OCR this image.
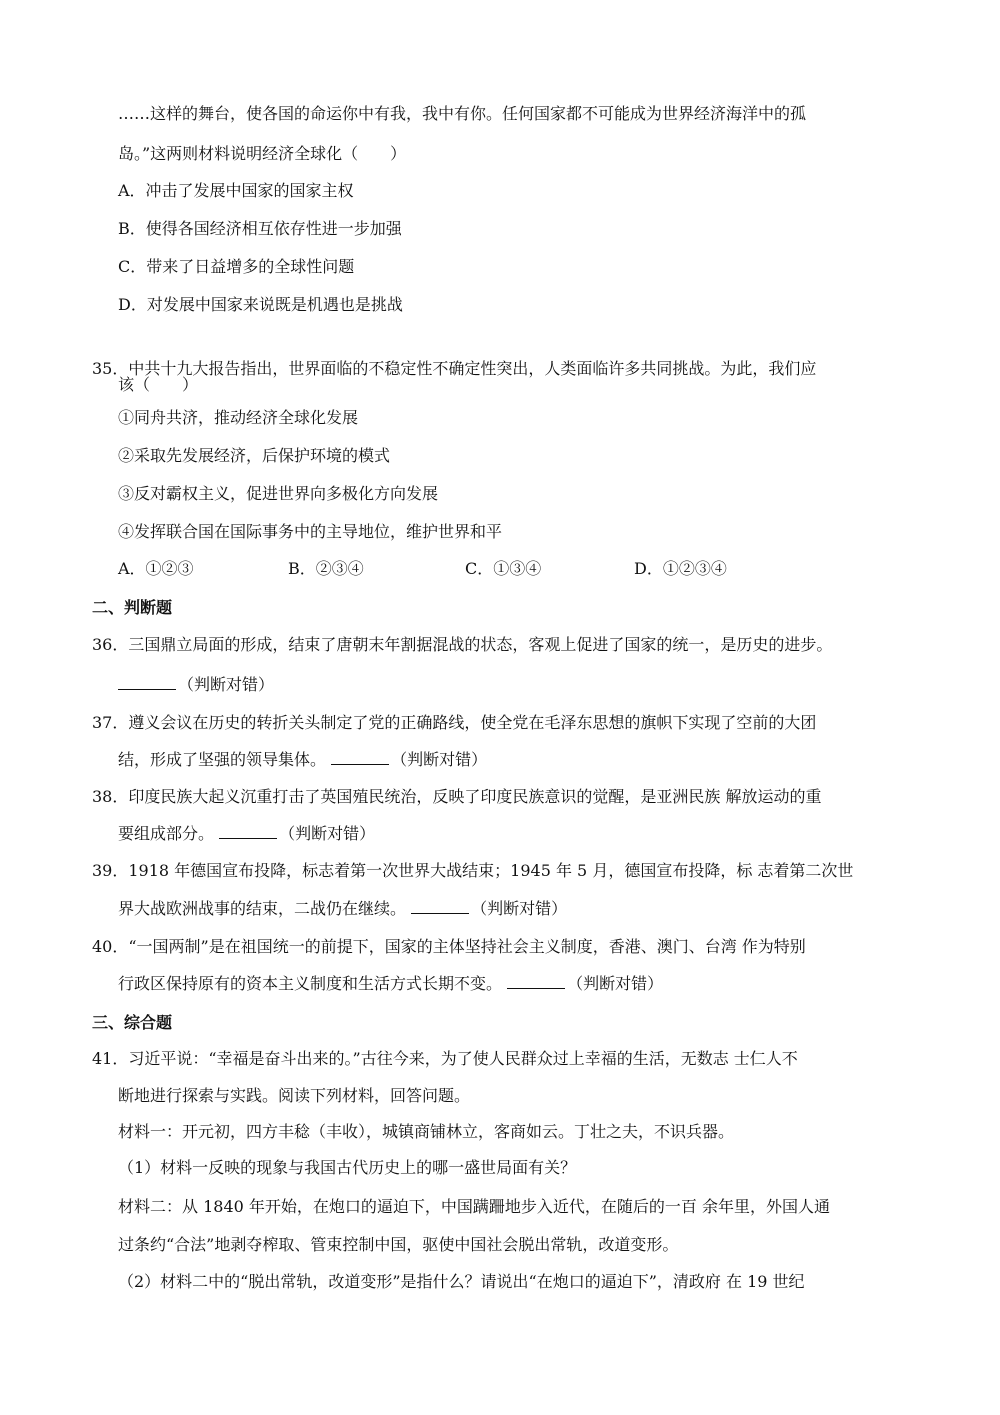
……这样的舞台，使各国的命运你中有我，我中有你。任何国家都不可能成为世界经济海洋中的孤
岛。”这两则材料说明经济全球化（　　）
A．冲击了发展中国家的国家主权
B．使得各国经济相互依存性进一步加强
C．带来了日益增多的全球性问题
D．对发展中国家来说既是机遇也是挑战
35．中共十九大报告指出，世界面临的不稳定性不确定性突出，人类面临许多共同挑战。为此，我们应
该（　　）
①同舟共济，推动经济全球化发展
②采取先发展经济，后保护环境的模式
③反对霸权主义，促进世界向多极化方向发展
④发挥联合国在国际事务中的主导地位，维护世界和平
A．①②③	B．②③④	C．①③④	D．①②③④
二、判断题
36．三国鼎立局面的形成，结束了唐朝末年割据混战的状态，客观上促进了国家的统一，是历史的进步。
（判断对错）
37．遵义会议在历史的转折关头制定了党的正确路线，使全党在毛泽东思想的旗帜下实现了空前的大团
结，形成了坚强的领导集体。	（判断对错）
38．印度民族大起义沉重打击了英国殖民统治，反映了印度民族意识的觉醒，是亚洲民族 解放运动的重
要组成部分。	（判断对错）
39．1918 年德国宣布投降，标志着第一次世界大战结束；1945 年 5 月，德国宣布投降，标 志着第二次世
界大战欧洲战事的结束，二战仍在继续。	（判断对错）
40．“一国两制”是在祖国统一的前提下，国家的主体坚持社会主义制度，香港、澳门、台湾 作为特别
行政区保持原有的资本主义制度和生活方式长期不变。	（判断对错）
三、综合题
41．习近平说：“幸福是奋斗出来的。”古往今来，为了使人民群众过上幸福的生活，无数志 士仁人不
断地进行探索与实践。阅读下列材料，回答问题。
材料一：开元初，四方丰稔（丰收），城镇商铺林立，客商如云。丁壮之夫，不识兵器。
（1）材料一反映的现象与我国古代历史上的哪一盛世局面有关？
材料二：从 1840 年开始，在炮口的逼迫下，中国蹒跚地步入近代，在随后的一百 余年里，外国人通
过条约“合法”地剥夺榨取、管束控制中国，驱使中国社会脱出常轨，改道变形。
（2）材料二中的“脱出常轨，改道变形”是指什么？请说出“在炮口的逼迫下”，清政府 在 19 世纪
